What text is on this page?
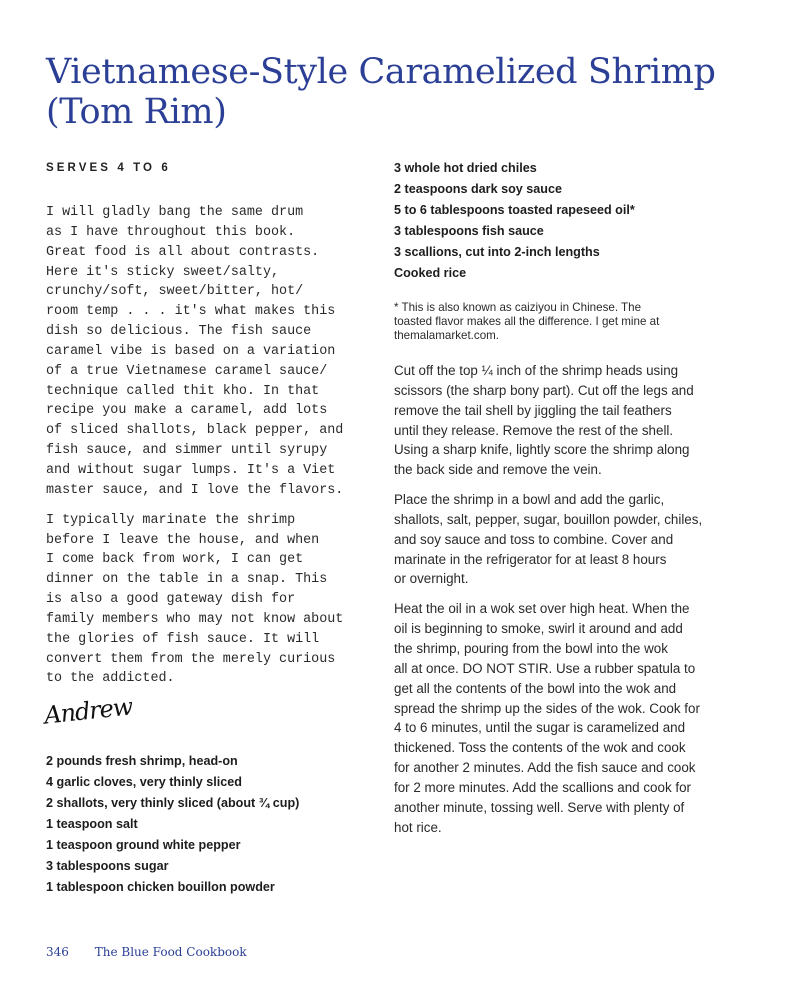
Vietnamese-Style Caramelized Shrimp
(Tom Rim)
SERVES 4 TO 6
I will gladly bang the same drum
as I have throughout this book.
Great food is all about contrasts.
Here it's sticky sweet/salty,
crunchy/soft, sweet/bitter, hot/
room temp . . . it's what makes this
dish so delicious. The fish sauce
caramel vibe is based on a variation
of a true Vietnamese caramel sauce/
technique called thit kho. In that
recipe you make a caramel, add lots
of sliced shallots, black pepper, and
fish sauce, and simmer until syrupy
and without sugar lumps. It's a Viet
master sauce, and I love the flavors.
I typically marinate the shrimp
before I leave the house, and when
I come back from work, I can get
dinner on the table in a snap. This
is also a good gateway dish for
family members who may not know about
the glories of fish sauce. It will
convert them from the merely curious
to the addicted.
Andrew
2 pounds fresh shrimp, head-on
4 garlic cloves, very thinly sliced
2 shallots, very thinly sliced (about ¾ cup)
1 teaspoon salt
1 teaspoon ground white pepper
3 tablespoons sugar
1 tablespoon chicken bouillon powder
3 whole hot dried chiles
2 teaspoons dark soy sauce
5 to 6 tablespoons toasted rapeseed oil*
3 tablespoons fish sauce
3 scallions, cut into 2-inch lengths
Cooked rice
* This is also known as caiziyou in Chinese. The
toasted flavor makes all the difference. I get mine at
themalamarket.com.
Cut off the top ¼ inch of the shrimp heads using
scissors (the sharp bony part). Cut off the legs and
remove the tail shell by jiggling the tail feathers
until they release. Remove the rest of the shell.
Using a sharp knife, lightly score the shrimp along
the back side and remove the vein.
Place the shrimp in a bowl and add the garlic,
shallots, salt, pepper, sugar, bouillon powder, chiles,
and soy sauce and toss to combine. Cover and
marinate in the refrigerator for at least 8 hours
or overnight.
Heat the oil in a wok set over high heat. When the
oil is beginning to smoke, swirl it around and add
the shrimp, pouring from the bowl into the wok
all at once. DO NOT STIR. Use a rubber spatula to
get all the contents of the bowl into the wok and
spread the shrimp up the sides of the wok. Cook for
4 to 6 minutes, until the sugar is caramelized and
thickened. Toss the contents of the wok and cook
for another 2 minutes. Add the fish sauce and cook
for 2 more minutes. Add the scallions and cook for
another minute, tossing well. Serve with plenty of
hot rice.
346 The Blue Food Cookbook
